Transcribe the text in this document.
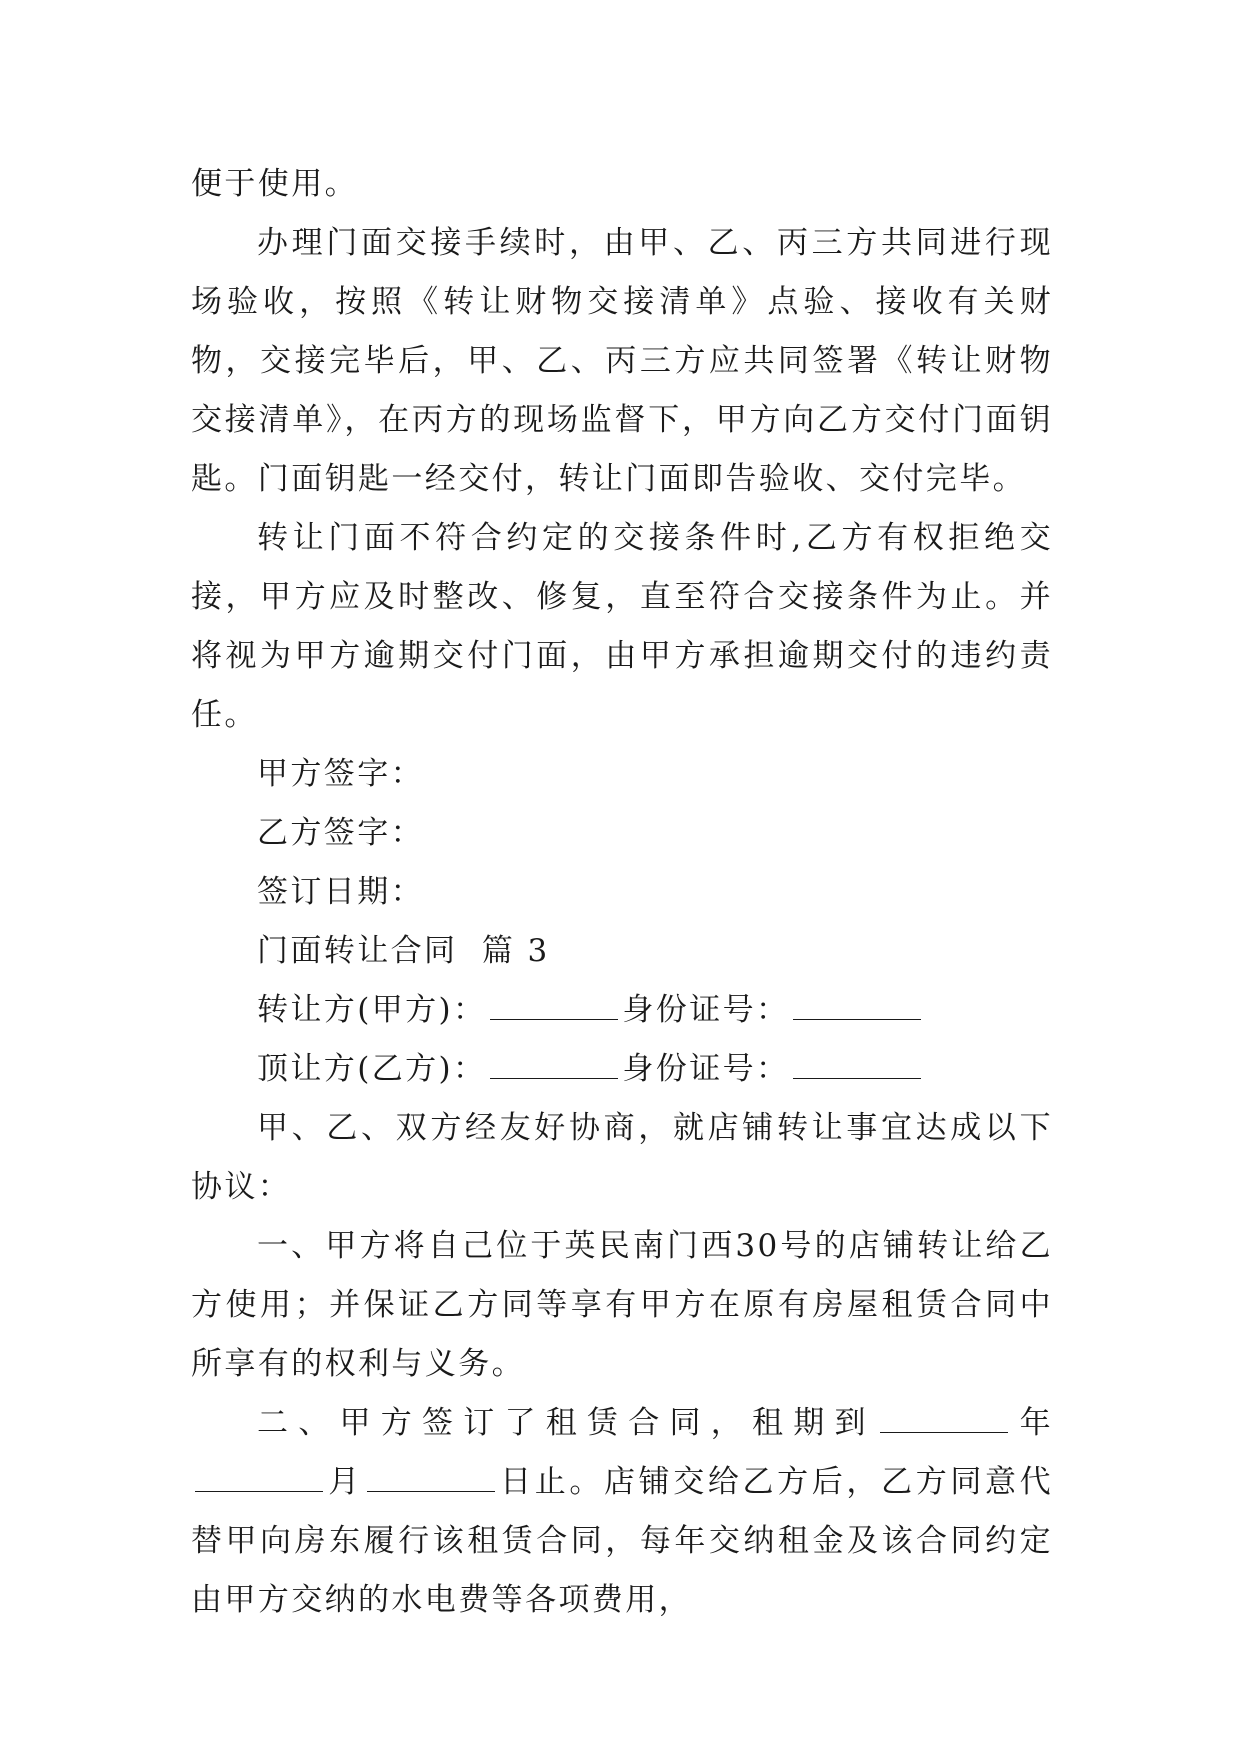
便于使用。

办理门面交接手续时，由甲、乙、丙三方共同进行现场验收，按照《转让财物交接清单》点验、接收有关财物，交接完毕后，甲、乙、丙三方应共同签署《转让财物交接清单》，在丙方的现场监督下，甲方向乙方交付门面钥匙。门面钥匙一经交付，转让门面即告验收、交付完毕。

转让门面不符合约定的交接条件时,乙方有权拒绝交接，甲方应及时整改、修复，直至符合交接条件为止。并将视为甲方逾期交付门面，由甲方承担逾期交付的违约责任。

甲方签字：

乙方签字：

签订日期：

门面转让合同  篇 3

转让方(甲方)：	身份证号：

顶让方(乙方)：	身份证号：

甲、乙、双方经友好协商，就店铺转让事宜达成以下协议：

一、甲方将自己位于英民南门西30号的店铺转让给乙方使用；并保证乙方同等享有甲方在原有房屋租赁合同中所享有的权利与义务。

二、甲方签订了租赁合同，租期到	年月	日止。店铺交给乙方后，乙方同意代替甲向房东履行该租赁合同，每年交纳租金及该合同约定由甲方交纳的水电费等各项费用，
